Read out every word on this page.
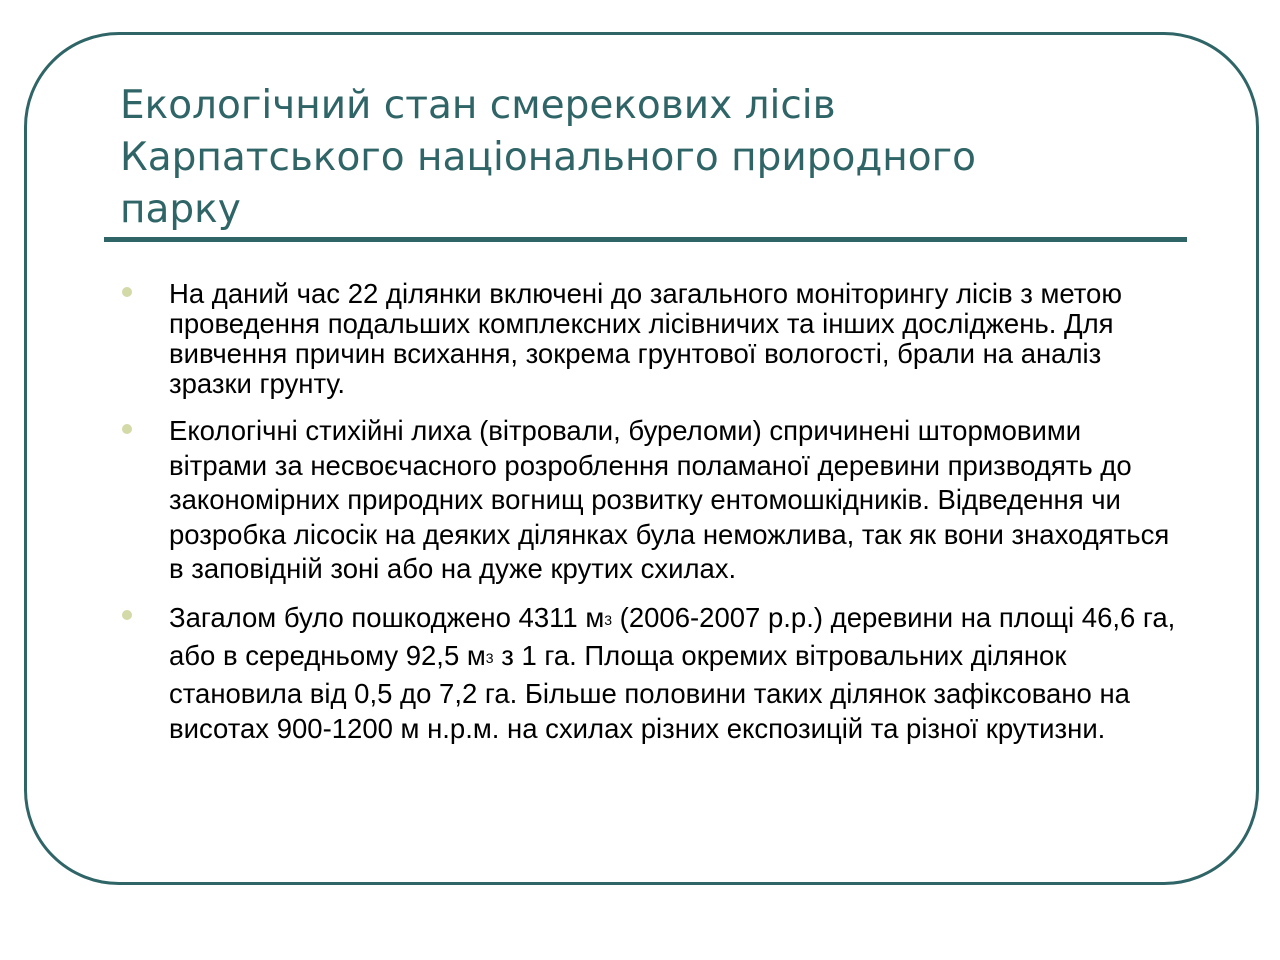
Екологічний стан смерекових лісів
Карпатського національного природного
парку
На даний час 22 ділянки включені до загального моніторингу лісів з метою проведення подальших комплексних лісівничих та інших досліджень. Для вивчення причин всихання, зокрема грунтової вологості, брали на аналіз зразки грунту.
Екологічні стихійні лиха (вітровали, буреломи) спричинені штормовими вітрами за несвоєчасного розроблення поламаної деревини призводять до закономірних природних вогнищ розвитку ентомошкідників. Відведення чи розробка лісосік на деяких ділянках була неможлива, так як вони знаходяться в заповідній зоні або на дуже крутих схилах.
Загалом було пошкоджено 4311 м3 (2006-2007 р.р.) деревини на площі 46,6 га, або в середньому 92,5 м3 з 1 га. Площа окремих вітровальних ділянок становила від 0,5 до 7,2 га. Більше половини таких ділянок зафіксовано на висотах 900-1200 м н.р.м. на схилах різних експозицій та різної крутизни.
